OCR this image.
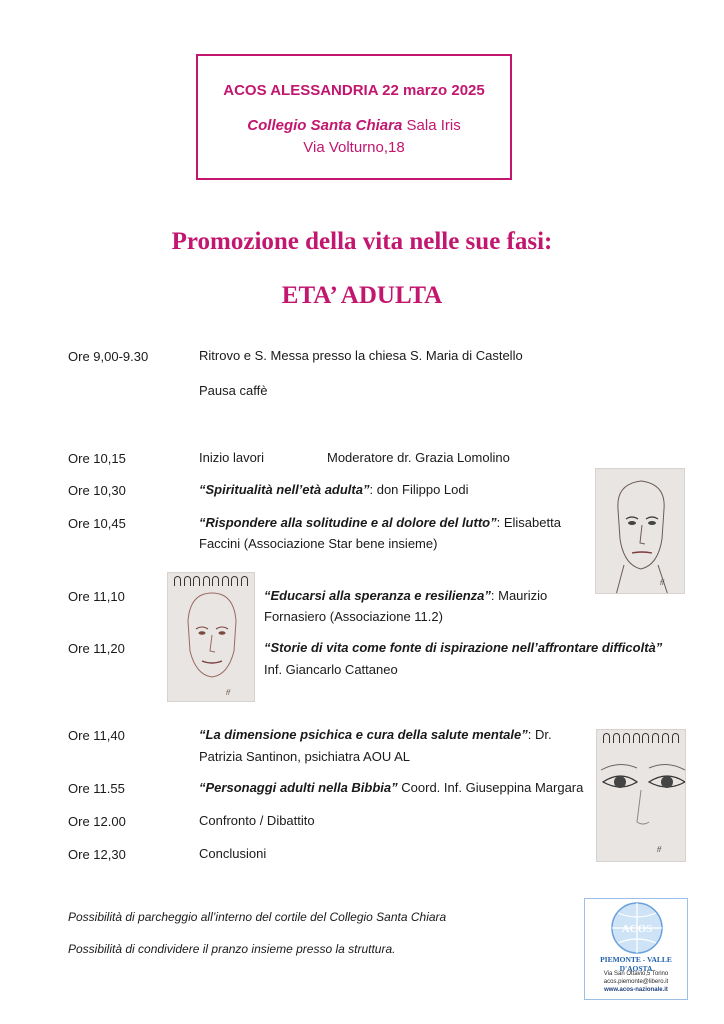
ACOS ALESSANDRIA 22 marzo 2025
Collegio Santa Chiara Sala Iris
Via Volturno,18
Promozione della vita nelle sue fasi:
ETA’ ADULTA
Ore 9,00-9.30	Ritrovo e S. Messa presso la chiesa S. Maria di Castello
Pausa caffè
Ore 10,15	Inizio lavori	Moderatore dr. Grazia Lomolino
Ore 10,30	“Spiritualità nell’età adulta”: don Filippo Lodi
Ore 10,45	“Rispondere alla solitudine e al dolore del lutto”: Elisabetta
Faccini (Associazione Star bene insieme)
Ore 11,10	“Educarsi alla speranza e resilienza”: Maurizio
Fornasiero (Associazione 11.2)
Ore 11,20	“Storie di vita come fonte di ispirazione nell’affrontare difficoltà”
Inf. Giancarlo Cattaneo
Ore 11,40	“La dimensione psichica e cura della salute mentale”: Dr.
Patrizia Santinon, psichiatra AOU AL
Ore 11.55	“Personaggi adulti nella Bibbia” Coord. Inf. Giuseppina Margara
Ore 12.00	Confronto / Dibattito
Ore 12,30	Conclusioni
ff
ff
ff
Possibilità di parcheggio all’interno del cortile del Collegio Santa Chiara
Possibilità di condividere il pranzo insieme presso la struttura.
ACOS
PIEMONTE - VALLE D'AOSTA
Via San Ottavio,5 Torino
acos.piemonte@libero.it
www.acos-nazionale.it
